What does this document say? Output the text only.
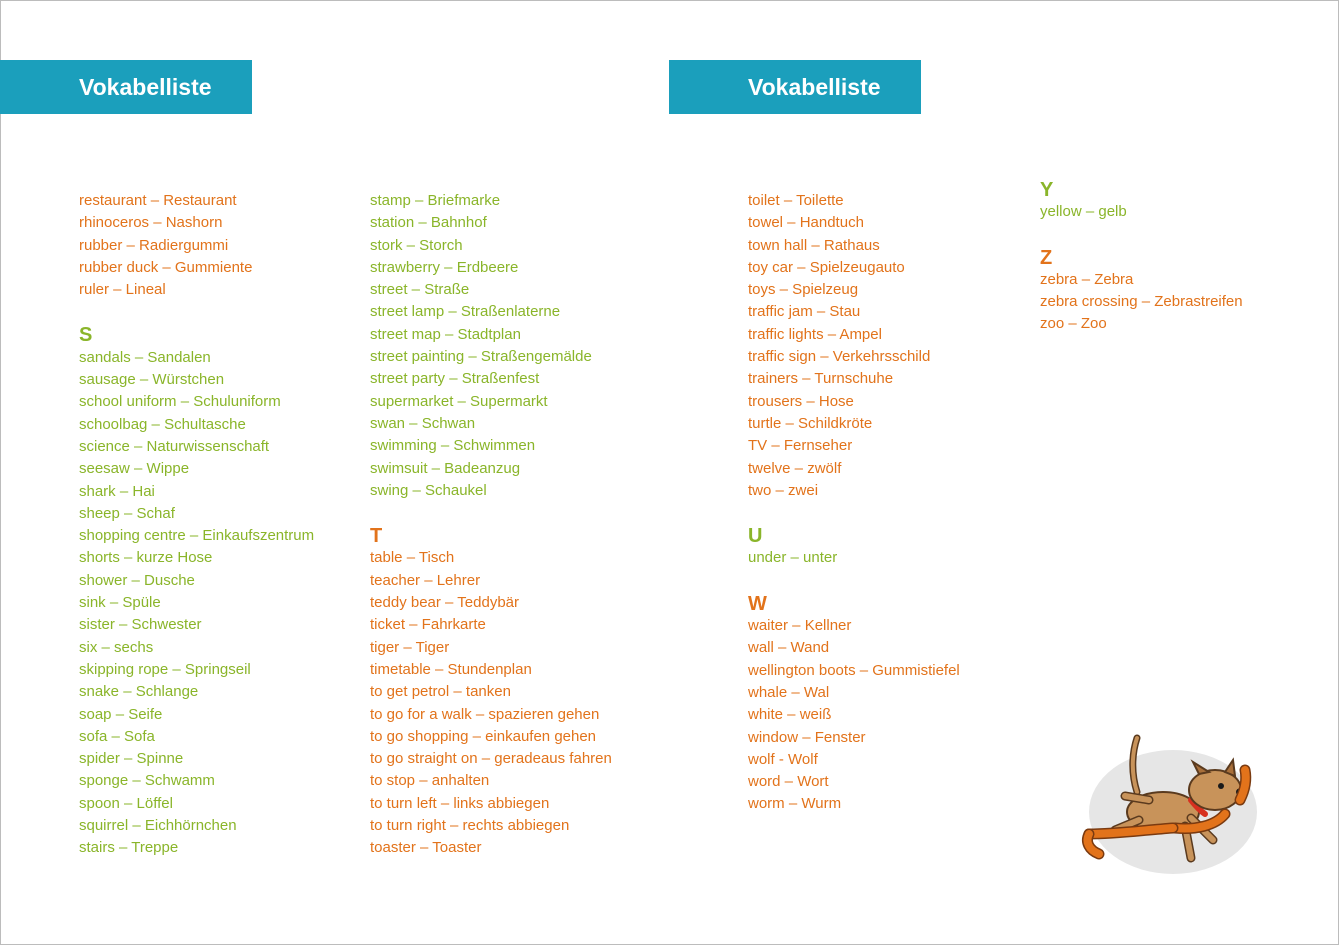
Vokabelliste	Vokabelliste
restaurant – Restaurant
rhinoceros – Nashorn
rubber – Radiergummi
rubber duck – Gummiente
ruler – Lineal
S
sandals – Sandalen
sausage – Würstchen
school uniform – Schuluniform
schoolbag – Schultasche
science – Naturwissenschaft
seesaw – Wippe
shark – Hai
sheep – Schaf
shopping centre – Einkaufszentrum
shorts – kurze Hose
shower – Dusche
sink – Spüle
sister – Schwester
six – sechs
skipping rope – Springseil
snake – Schlange
soap – Seife
sofa – Sofa
spider – Spinne
sponge – Schwamm
spoon – Löffel
squirrel – Eichhörnchen
stairs – Treppe
stamp – Briefmarke
station – Bahnhof
stork – Storch
strawberry – Erdbeere
street – Straße
street lamp – Straßenlaterne
street map – Stadtplan
street painting – Straßengemälde
street party – Straßenfest
supermarket – Supermarkt
swan – Schwan
swimming – Schwimmen
swimsuit – Badeanzug
swing – Schaukel
T
table – Tisch
teacher – Lehrer
teddy bear – Teddybär
ticket – Fahrkarte
tiger – Tiger
timetable – Stundenplan
to get petrol – tanken
to go for a walk – spazieren gehen
to go shopping – einkaufen gehen
to go straight on – geradeaus fahren
to stop – anhalten
to turn left – links abbiegen
to turn right – rechts abbiegen
toaster – Toaster
toilet – Toilette
towel – Handtuch
town hall – Rathaus
toy car – Spielzeugauto
toys – Spielzeug
traffic jam – Stau
traffic lights – Ampel
traffic sign – Verkehrsschild
trainers – Turnschuhe
trousers – Hose
turtle – Schildkröte
TV – Fernseher
twelve – zwölf
two – zwei
U
under – unter
W
waiter – Kellner
wall – Wand
wellington boots – Gummistiefel
whale – Wal
white – weiß
window – Fenster
wolf - Wolf
word – Wort
worm – Wurm
Y
yellow – gelb
Z
zebra – Zebra
zebra crossing – Zebrastreifen
zoo – Zoo
